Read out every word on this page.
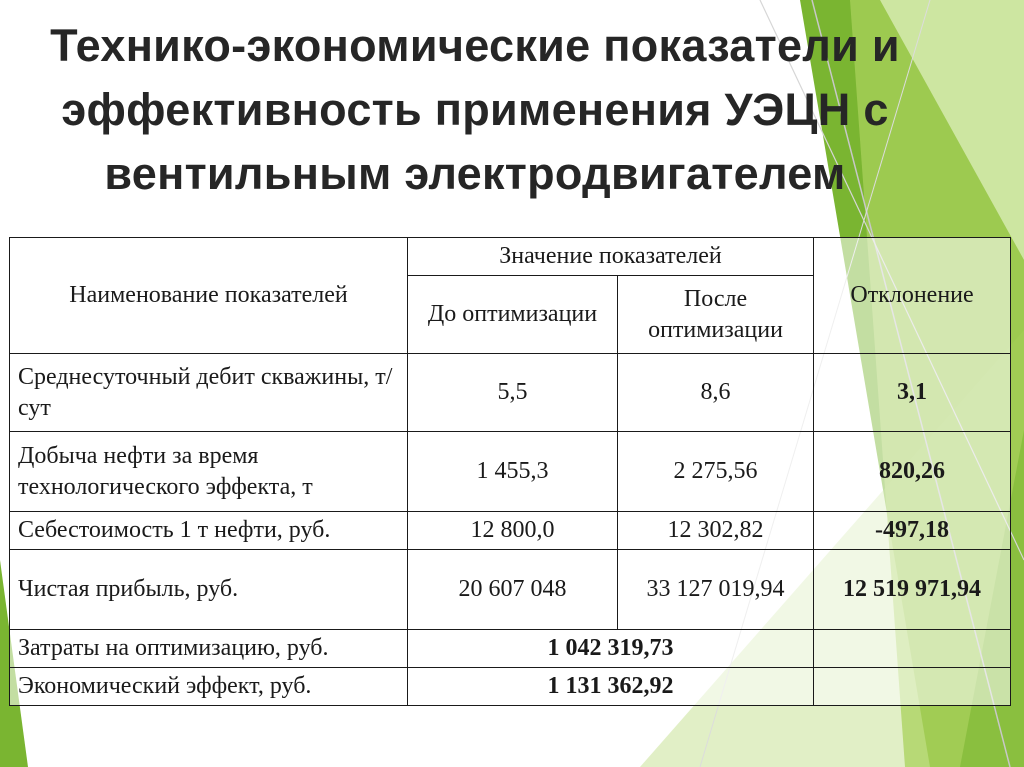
Технико-экономические показатели и эффективность применения УЭЦН с вентильным электродвигателем
Наименование показателей	Значение показателей		Отклонение
	До оптимизации	После оптимизации	
Среднесуточный дебит скважины, т/сут	5,5	8,6	3,1
Добыча нефти за время технологического эффекта, т	1 455,3	2 275,56	820,26
Себестоимость 1 т нефти, руб.	12 800,0	12 302,82	-497,18
Чистая прибыль, руб.	20 607 048	33 127 019,94	12 519 971,94
Затраты на оптимизацию, руб.	1 042 319,73		
Экономический эффект, руб.	1 131 362,92		
